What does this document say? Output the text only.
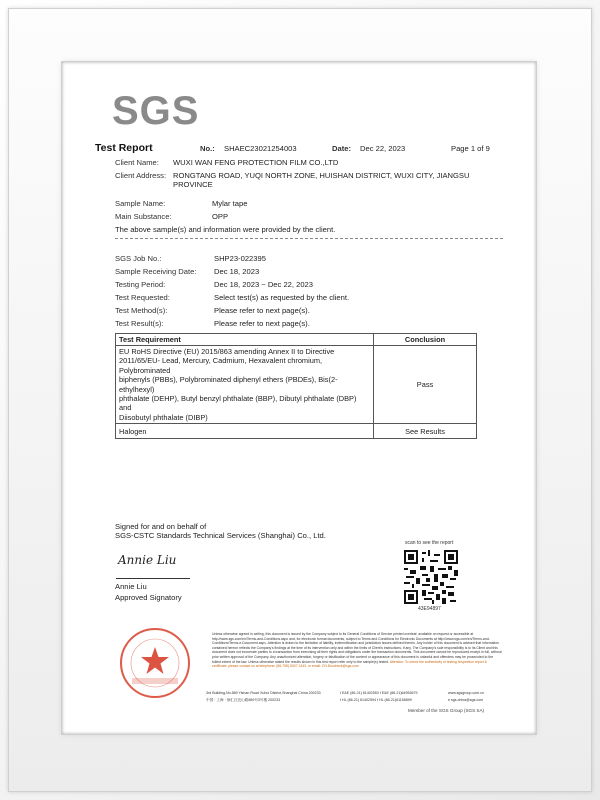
SGS
Test Report	No.: SHAEC23021254003	Date: Dec 22, 2023	Page 1 of 9
Client Name: WUXI WAN FENG PROTECTION FILM CO.,LTD
Client Address: RONGTANG ROAD, YUQI NORTH ZONE, HUISHAN DISTRICT, WUXI CITY, JIANGSU
PROVINCE
Sample Name:	Mylar tape
Main Substance:	OPP
The above sample(s) and information were provided by the client.
SGS Job No.:	SHP23-022395
Sample Receiving Date: Dec 18, 2023
Testing Period:	Dec 18, 2023 ~ Dec 22, 2023
Test Requested:	Select test(s) as requested by the client.
Test Method(s):	Please refer to next page(s).
Test Result(s):	Please refer to next page(s).
Test Requirement	Conclusion

EU RoHS Directive (EU) 2015/863 amending Annex II to Directive
2011/65/EU- Lead, Mercury, Cadmium, Hexavalent chromium, Polybrominated
biphenyls (PBBs), Polybrominated diphenyl ethers (PBDEs), Bis(2-ethylhexyl)
phthalate (DEHP), Butyl benzyl phthalate (BBP), Dibutyl phthalate (DBP) and
Diisobutyl phthalate (DIBP)	Pass
Halogen	See Results
Signed for and on behalf of
SGS-CSTC Standards Technical Services (Shanghai) Co., Ltd.
Annie Liu
Annie Liu
Approved Signatory
scan to see the report
43E94897
Unless otherwise agreed in writing, this document is issued by the Company subject to its General Conditions of Service printed overleaf, available on request or accessible at http://www.sgs.com/en/Terms-and-Conditions.aspx and, for electronic format documents, subject to Terms and Conditions for Electronic Documents at http://www.sgs.com/en/Terms-and-Conditions/Terms-e-Document.aspx. Attention is drawn to the limitation of liability, indemnification and jurisdiction issues defined therein. Any holder of this document is advised that information contained hereon reflects the Company's findings at the time of its intervention only and within the limits of Client's instructions, if any. The Company's sole responsibility is to its Client and this document does not exonerate parties to a transaction from exercising all their rights and obligations under the transaction documents. This document cannot be reproduced except in full, without prior written approval of the Company. Any unauthorized alteration, forgery or falsification of the content or appearance of this document is unlawful and offenders may be prosecuted to the fullest extent of the law. Unless otherwise stated the results shown in this test report refer only to the sample(s) tested. Attention: To check the authenticity of testing /inspection report & certificate, please contact us at telephone: (86-755) 8307 1443, or email: CN.Doccheck@sgs.com
3rd Building,No.889 Yishan Road Xuhui District,Shanghai China 200233
中国 · 上海 · 徐汇区宜山路889号3号楼 200233
t E&E (86-21) 61402553 f E&E (86-21)64953679
t HL (86-21) 61402594 f HL (86-21)61156899
www.sgsgroup.com.cn
e sgs.china@sgs.com
Member of the SGS Group (SGS SA)
